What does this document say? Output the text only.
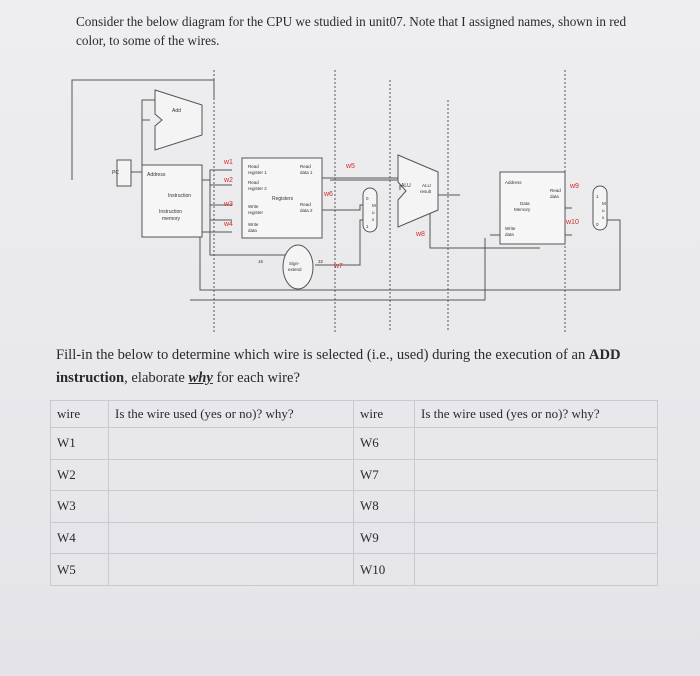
Consider the below diagram for the CPU we studied in unit07. Note that I assigned names, shown in red color, to some of the wires.
PC
Add
Address
Instruction
Instruction
memory
Read
register 1
Read
register 2
Registers
Write
register
Write
data
Read
data 1
Read
data 2
Sign-
extend
16	32
0
M
u
x
1
ALU	ALU
result
Address
Read
data
Data
Memory
Write
data
1
M
u
x
0
w1
w2
w3
w4
w5
w6
w7
w8
w9
w10
Fill-in the below to determine which wire is selected (i.e., used) during the execution of an ADD instruction, elaborate why for each wire?
wire	Is the wire used (yes or no)? why?	wire	Is the wire used (yes or no)? why?
W1		W6	
W2		W7	
W3		W8	
W4		W9	
W5		W10	
